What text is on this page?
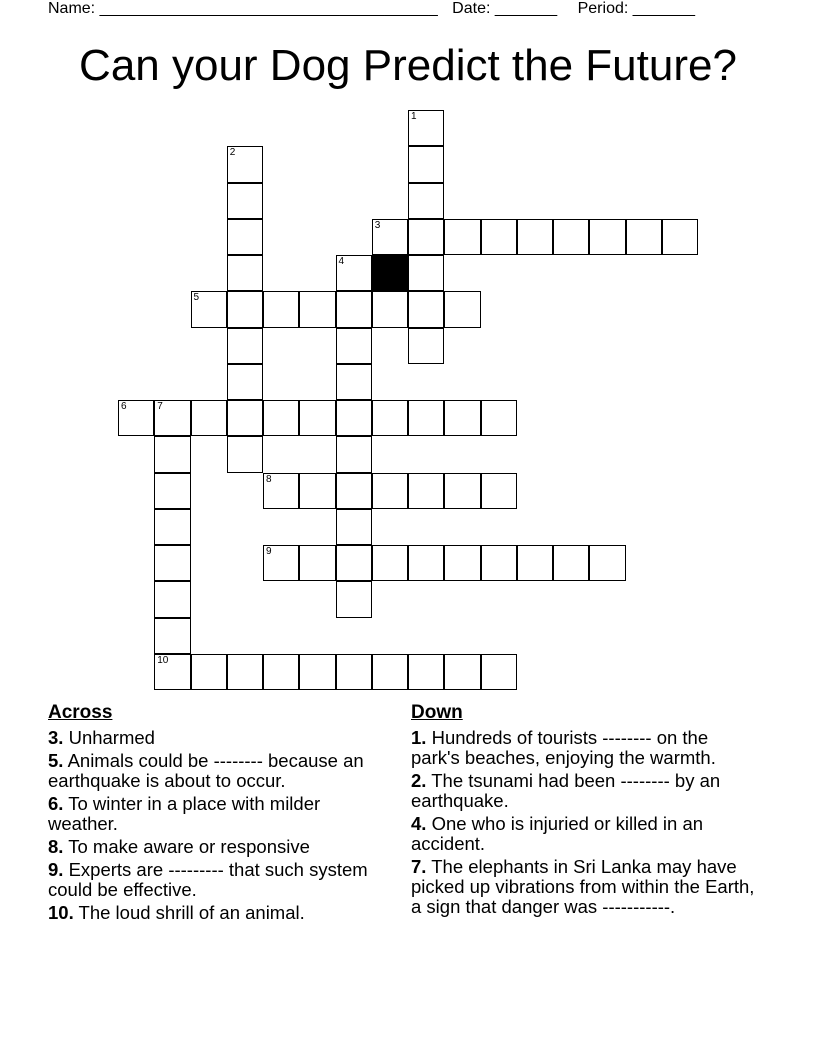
Name: ______________________________________ Date: _______ Period: _______
Can your Dog Predict the Future?
1
2
3
4
5
6	7
8
9
10
Across
3. Unharmed
5. Animals could be -------- because an earthquake is about to occur.
6. To winter in a place with milder weather.
8. To make aware or responsive
9. Experts are --------- that such system could be effective.
10. The loud shrill of an animal.
Down
1. Hundreds of tourists -------- on the park's beaches, enjoying the warmth.
2. The tsunami had been -------- by an earthquake.
4. One who is injuried or killed in an accident.
7. The elephants in Sri Lanka may have picked up vibrations from within the Earth, a sign that danger was -----------.
